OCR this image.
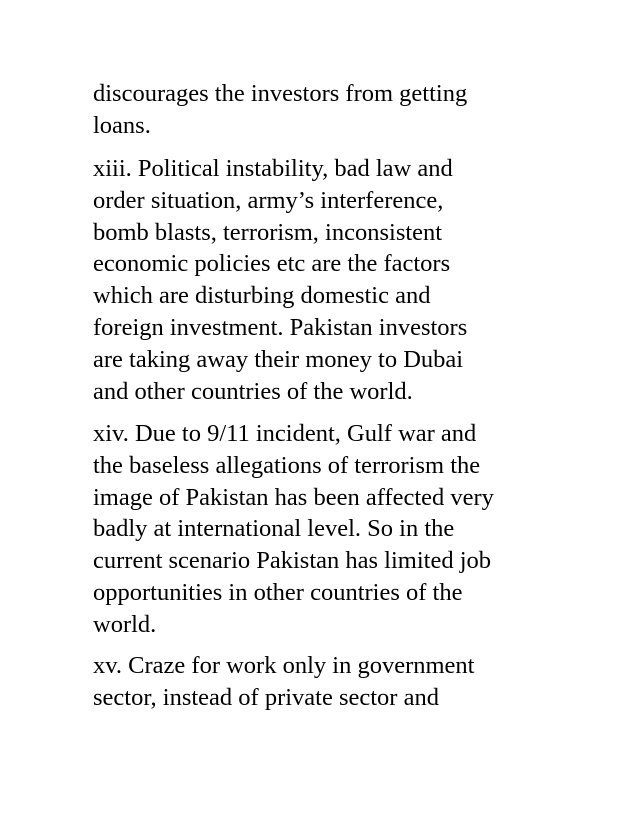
discourages the investors from getting
loans.
xiii. Political instability, bad law and
order situation, army’s interference,
bomb blasts, terrorism, inconsistent
economic policies etc are the factors
which are disturbing domestic and
foreign investment. Pakistan investors
are taking away their money to Dubai
and other countries of the world.
xiv. Due to 9/11 incident, Gulf war and
the baseless allegations of terrorism the
image of Pakistan has been affected very
badly at international level. So in the
current scenario Pakistan has limited job
opportunities in other countries of the
world.
xv. Craze for work only in government
sector, instead of private sector and
